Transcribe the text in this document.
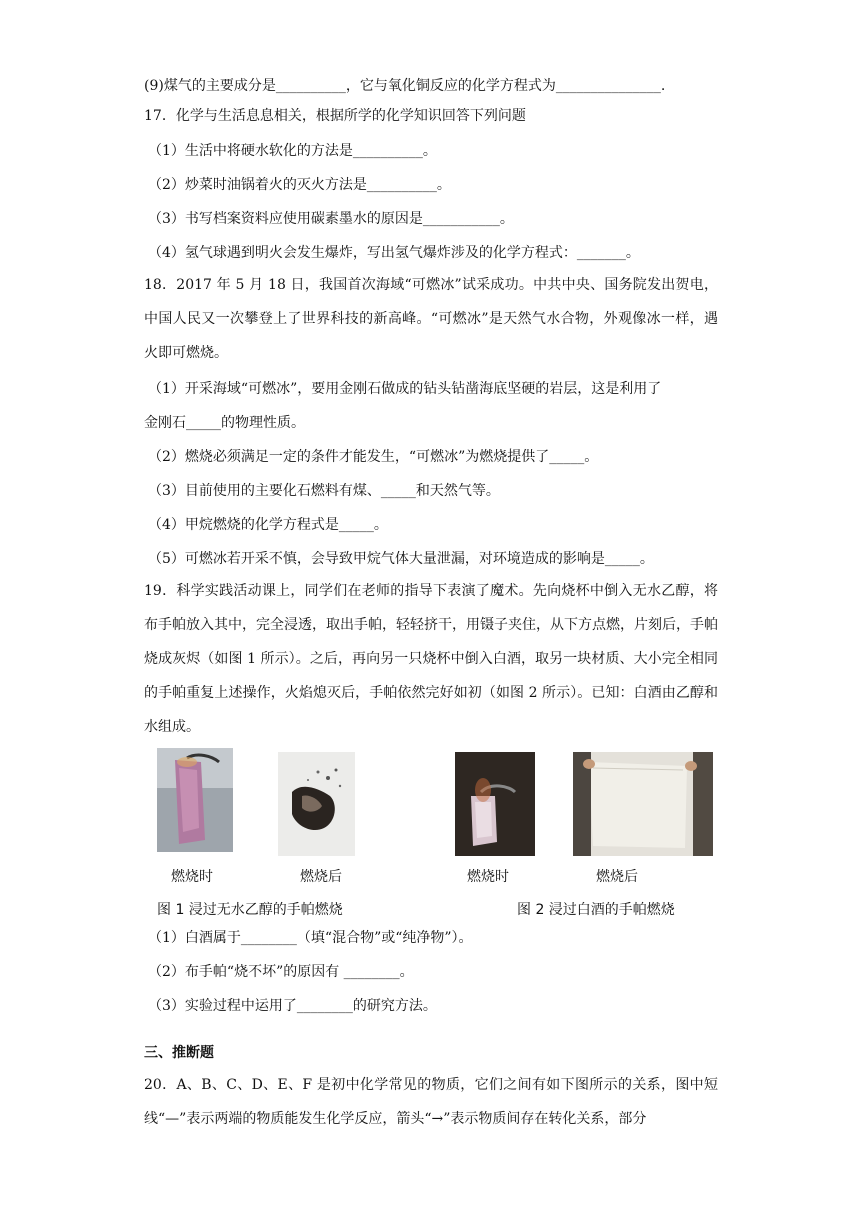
(9)煤气的主要成分是__________，它与氧化铜反应的化学方程式为_______________.
17．化学与生活息息相关，根据所学的化学知识回答下列问题
（1）生活中将硬水软化的方法是__________。
（2）炒菜时油锅着火的灭火方法是__________。
（3）书写档案资料应使用碳素墨水的原因是___________。
（4）氢气球遇到明火会发生爆炸，写出氢气爆炸涉及的化学方程式：_______。
18．2017 年 5 月 18 日，我国首次海域“可燃冰”试采成功。中共中央、国务院发出贺电，中国人民又一次攀登上了世界科技的新高峰。“可燃冰”是天然气水合物，外观像冰一样，遇火即可燃烧。
（1）开采海域“可燃冰”，要用金刚石做成的钻头钻凿海底坚硬的岩层，这是利用了
金刚石_____的物理性质。
（2）燃烧必须满足一定的条件才能发生，“可燃冰”为燃烧提供了_____。
（3）目前使用的主要化石燃料有煤、_____和天然气等。
（4）甲烷燃烧的化学方程式是_____。
（5）可燃冰若开采不慎，会导致甲烷气体大量泄漏，对环境造成的影响是_____。
19．科学实践活动课上，同学们在老师的指导下表演了魔术。先向烧杯中倒入无水乙醇，将布手帕放入其中，完全浸透，取出手帕，轻轻挤干，用镊子夹住，从下方点燃，片刻后，手帕烧成灰烬（如图 1 所示）。之后，再向另一只烧杯中倒入白酒，取另一块材质、大小完全相同的手帕重复上述操作，火焰熄灭后，手帕依然完好如初（如图 2 所示）。已知：白酒由乙醇和水组成。
燃烧时	燃烧后	燃烧时	燃烧后
图 1 浸过无水乙醇的手帕燃烧	图 2 浸过白酒的手帕燃烧
（1）白酒属于________（填“混合物”或“纯净物”）。
（2）布手帕“烧不坏”的原因有 ________。
（3）实验过程中运用了________的研究方法。
三、推断题
20．A、B、C、D、E、F 是初中化学常见的物质，它们之间有如下图所示的关系，图中短线“—”表示两端的物质能发生化学反应，箭头“→”表示物质间存在转化关系，部分
